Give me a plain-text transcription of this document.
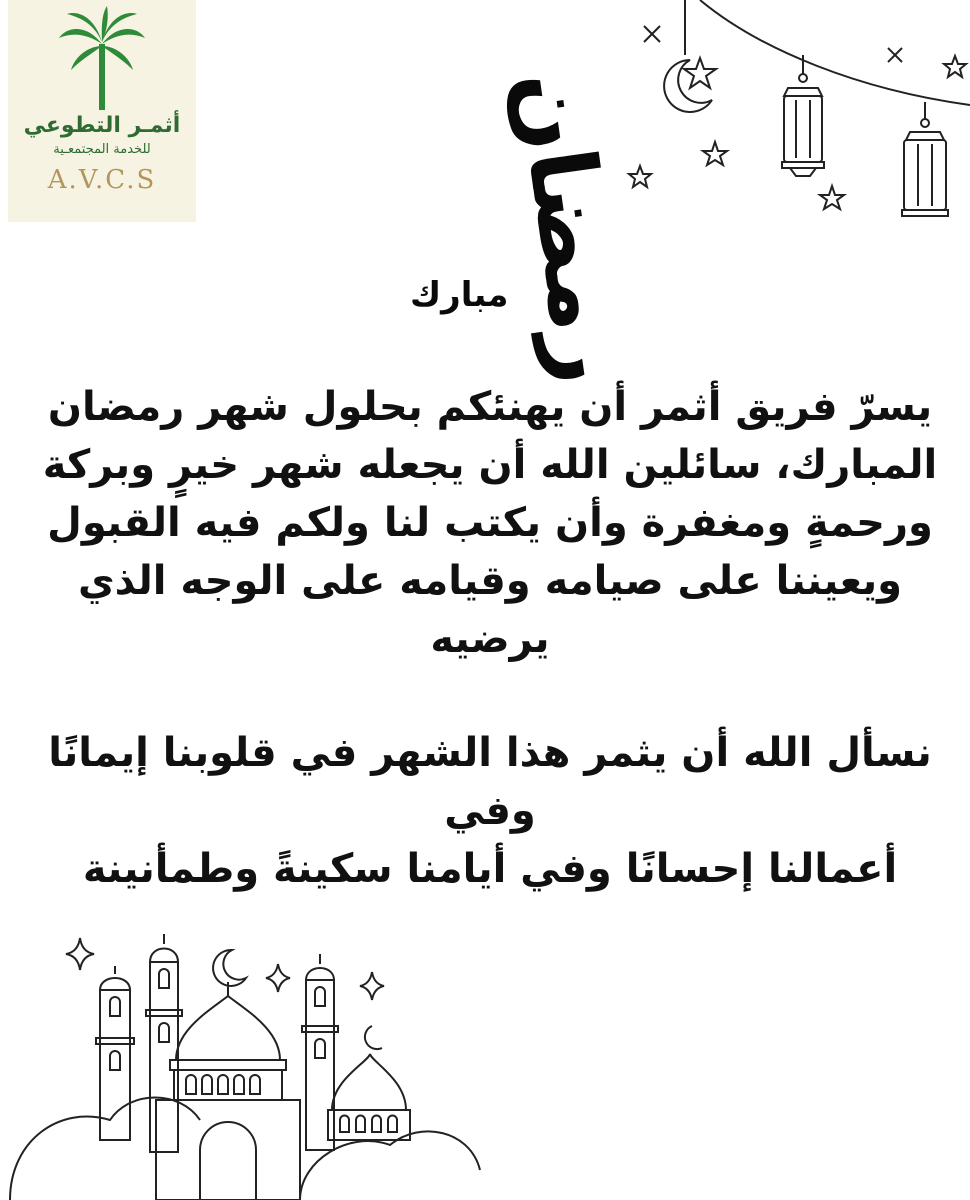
أثمـر التطوعي
للخدمة المجتمعـية
A.V.C.S	رمضان
مبارك

يسرّ فريق أثمر أن يهنئكم بحلول شهر رمضان

المبارك، سائلين الله أن يجعله شهر خيرٍ وبركة

ورحمةٍ ومغفرة وأن يكتب لنا ولكم فيه القبول

ويعيننا على صيامه وقيامه على الوجه الذي يرضيه

نسأل الله أن يثمر هذا الشهر في قلوبنا إيمانًا وفي

أعمالنا إحسانًا وفي أيامنا سكينةً وطمأنينة
